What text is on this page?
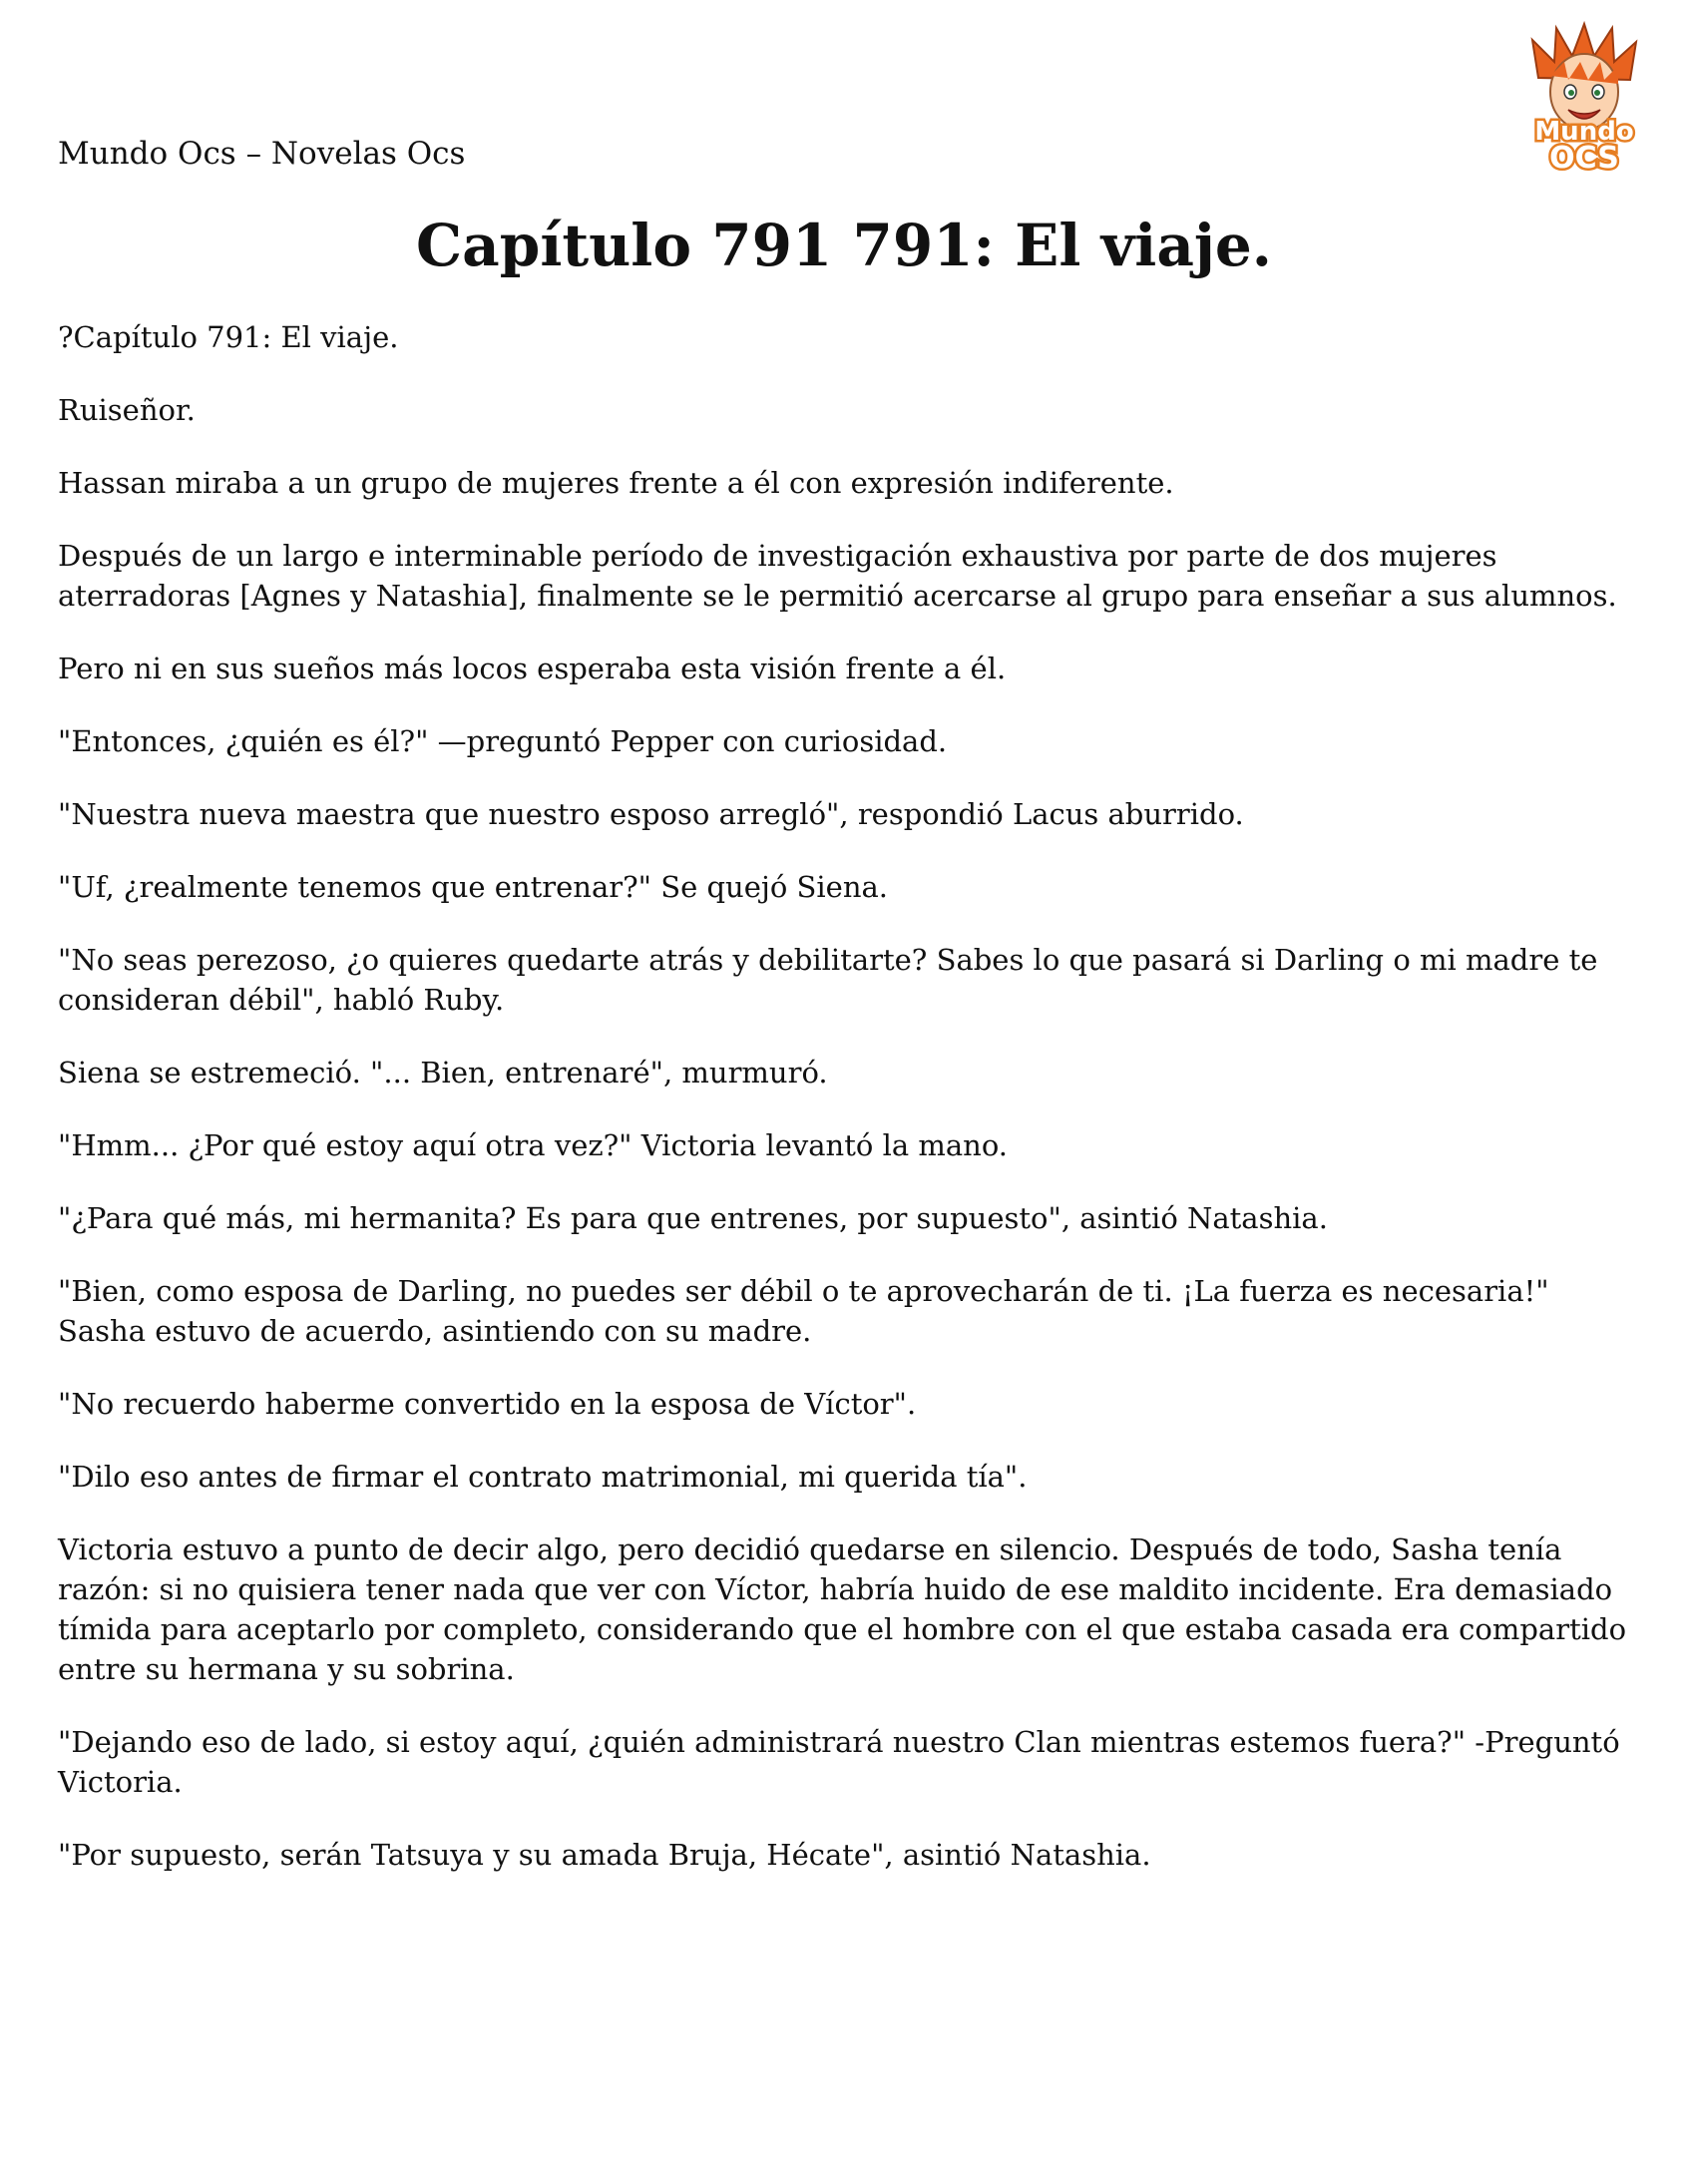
Mundo Ocs – Novelas Ocs
Mundo
OCS
Capítulo 791 791: El viaje.

?Capítulo 791: El viaje.

Ruiseñor.

Hassan miraba a un grupo de mujeres frente a él con expresión indiferente.

Después de un largo e interminable período de investigación exhaustiva por parte de dos mujeres aterradoras [Agnes y Natashia], finalmente se le permitió acercarse al grupo para enseñar a sus alumnos.

Pero ni en sus sueños más locos esperaba esta visión frente a él.

"Entonces, ¿quién es él?" —preguntó Pepper con curiosidad.

"Nuestra nueva maestra que nuestro esposo arregló", respondió Lacus aburrido.

"Uf, ¿realmente tenemos que entrenar?" Se quejó Siena.

"No seas perezoso, ¿o quieres quedarte atrás y debilitarte? Sabes lo que pasará si Darling o mi madre te consideran débil", habló Ruby.

Siena se estremeció. "... Bien, entrenaré", murmuró.

"Hmm... ¿Por qué estoy aquí otra vez?" Victoria levantó la mano.

"¿Para qué más, mi hermanita? Es para que entrenes, por supuesto", asintió Natashia.

"Bien, como esposa de Darling, no puedes ser débil o te aprovecharán de ti. ¡La fuerza es necesaria!" Sasha estuvo de acuerdo, asintiendo con su madre.

"No recuerdo haberme convertido en la esposa de Víctor".

"Dilo eso antes de firmar el contrato matrimonial, mi querida tía".

Victoria estuvo a punto de decir algo, pero decidió quedarse en silencio. Después de todo, Sasha tenía razón: si no quisiera tener nada que ver con Víctor, habría huido de ese maldito incidente. Era demasiado tímida para aceptarlo por completo, considerando que el hombre con el que estaba casada era compartido entre su hermana y su sobrina.

"Dejando eso de lado, si estoy aquí, ¿quién administrará nuestro Clan mientras estemos fuera?" -Preguntó Victoria.

"Por supuesto, serán Tatsuya y su amada Bruja, Hécate", asintió Natashia.
